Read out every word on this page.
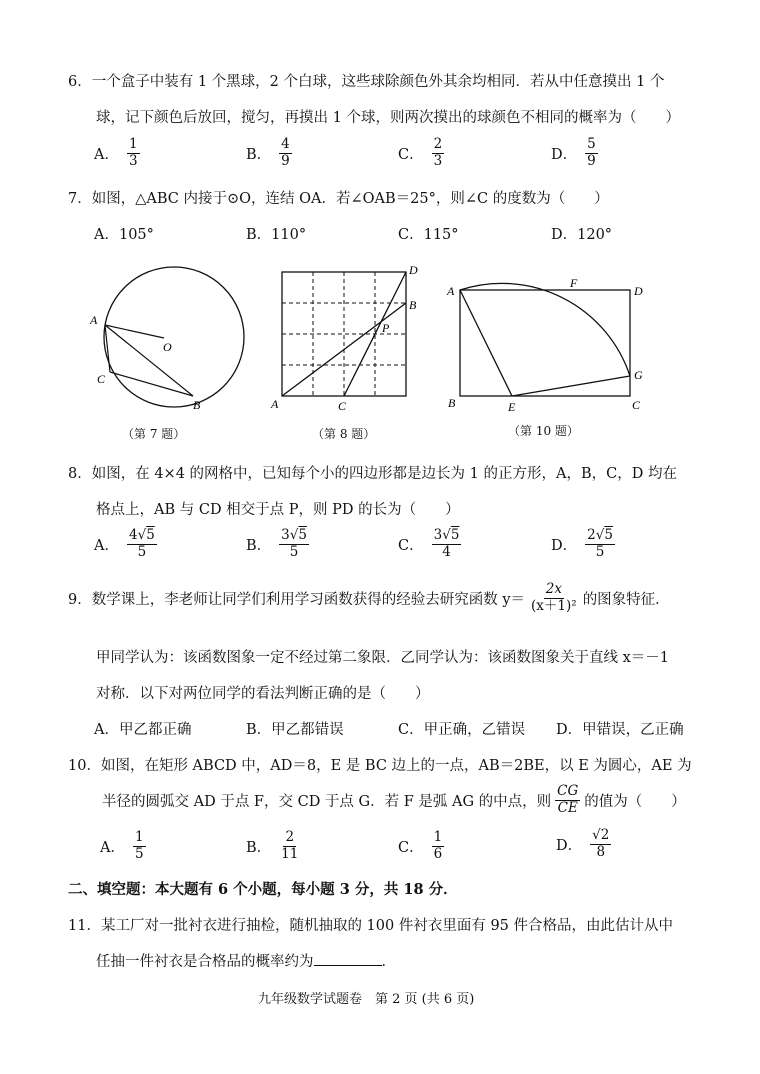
6．一个盒子中装有 1 个黑球，2 个白球，这些球除颜色外其余均相同．若从中任意摸出 1 个
球，记下颜色后放回，搅匀，再摸出 1 个球，则两次摸出的球颜色不相同的概率为（　　）
A． $\frac{1}{3}$	B． $\frac{4}{9}$	C． $\frac{2}{3}$	D． $\frac{5}{9}$
7．如图，△ABC 内接于⊙O，连结 OA．若∠OAB＝25°，则∠C 的度数为（　　）
A．105°	B．110°	C．115°	D．120°
A
O
C
B
（第 7 题）
A	C
D
B
P
（第 8 题）
A
F
D
G
B	E	C
（第 10 题）
8．如图，在 4×4 的网格中，已知每个小的四边形都是边长为 1 的正方形，A，B，C，D 均在
格点上，AB 与 CD 相交于点 P，则 PD 的长为（　　）
A． $\frac{4√5}{5}$	B． $\frac{3√5}{5}$	C． $\frac{3√5}{4}$	D． $\frac{2√5}{5}$
9．数学课上，李老师让同学们利用学习函数获得的经验去研究函数 $y= \frac{2x}{\text{(x＋1)²}}$ 的图象特征．
甲同学认为：该函数图象一定不经过第二象限．乙同学认为：该函数图象关于直线 x＝－1
对称．以下对两位同学的看法判断正确的是（　　）
A．甲乙都正确	B．甲乙都错误	C．甲正确，乙错误 D．甲错误，乙正确
10．如图，在矩形 ABCD 中，AD＝8，E 是 BC 边上的一点，AB＝2BE，以 E 为圆心，AE 为
半径的圆弧交 AD 于点 F，交 CD 于点 G．若 F 是弧 AG 的中点，则 $\frac{CG}{CE}$ 的值为（　　）
A． $\frac{1}{5}$	B． $\frac{2}{11}$	C． $\frac{1}{6}$	D． $\frac{√2}{8}$
二、填空题：本大题有 6 个小题，每小题 3 分，共 18 分．
11．某工厂对一批衬衣进行抽检，随机抽取的 100 件衬衣里面有 95 件合格品，由此估计从中
任抽一件衬衣是合格品的概率约为	．
九年级数学试题卷　第 2 页 (共 6 页)
